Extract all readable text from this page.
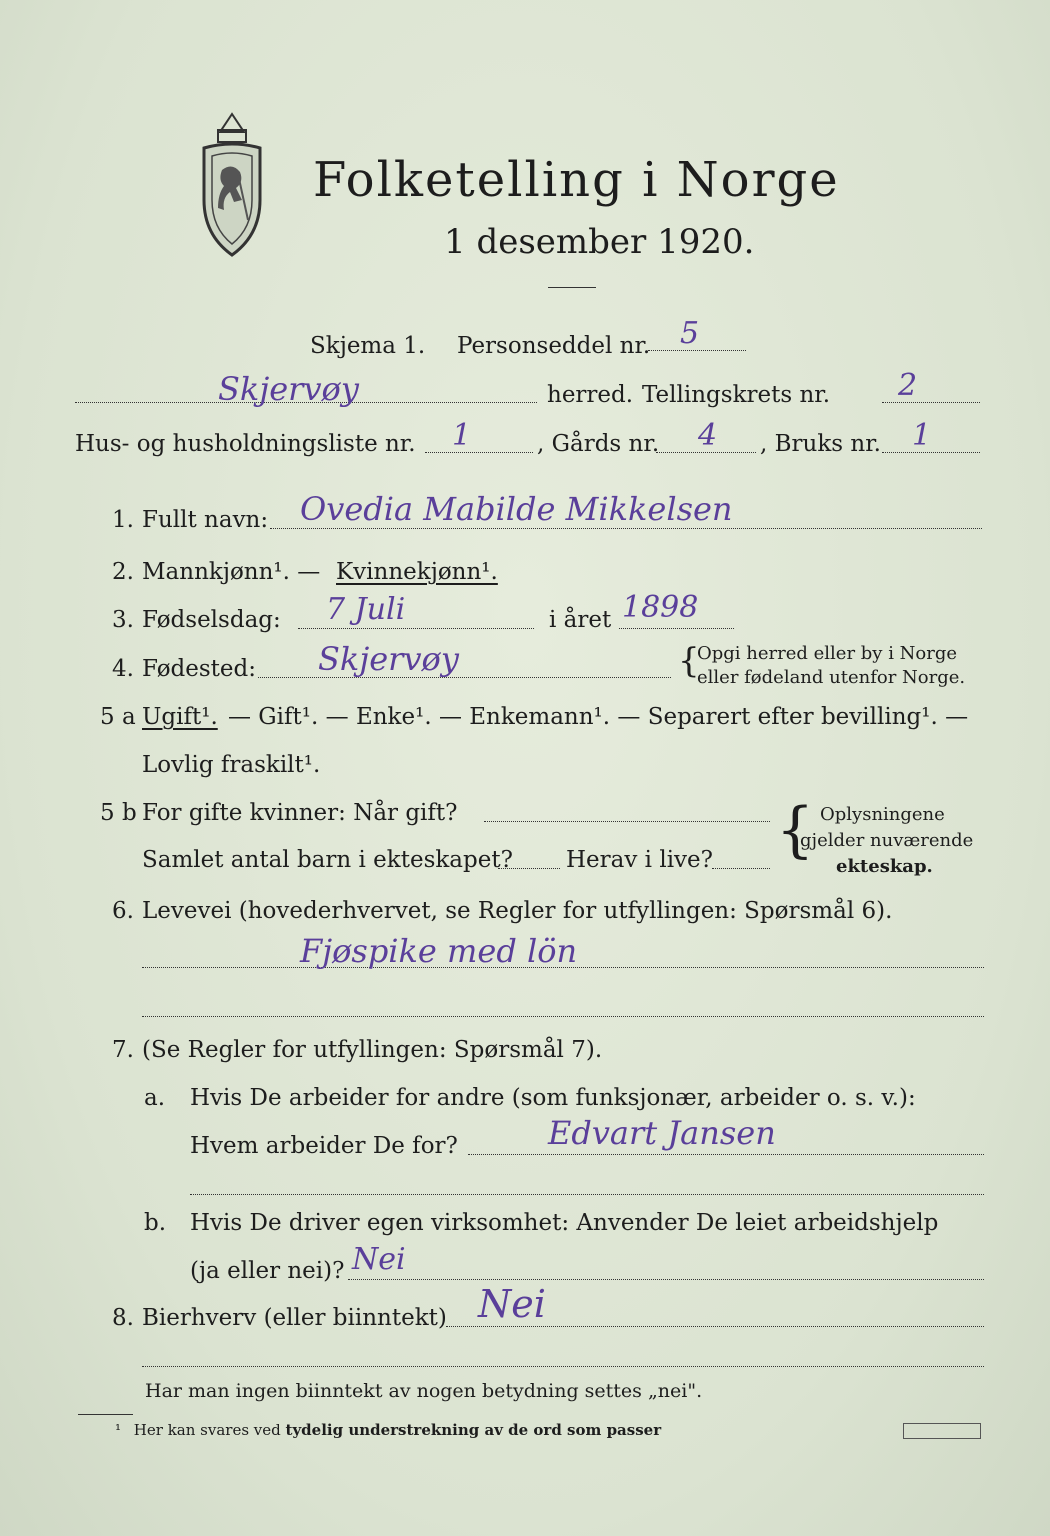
Folketelling i Norge
1 desember 1920.
Skjema 1. Personseddel nr. 5
Skjervøy	herred. Tellingskrets nr. 2
Hus- og husholdningsliste nr. 1	, Gårds nr. 4 , Bruks nr. 1
1. Fullt navn: Ovedia Mabilde Mikkelsen
2. Mannkjønn¹. — Kvinnekjønn¹.
3. Fødselsdag: 7 Juli	i året 1898
4. Fødested: Skjervøy	{
Opgi herred eller by i Norge
eller fødeland utenfor Norge.
5 a Ugift¹. — Gift¹. — Enke¹. — Enkemann¹. — Separert efter bevilling¹. —
Lovlig fraskilt¹.
5 b For gifte kvinner: Når gift?
Samlet antal barn i ekteskapet? Herav i live? { Oplysningene
gjelder nuværende
ekteskap.
6. Levevei (hovederhvervet, se Regler for utfyllingen: Spørsmål 6).
Fjøspike med lön
7. (Se Regler for utfyllingen: Spørsmål 7).
a. Hvis De arbeider for andre (som funksjonær, arbeider o. s. v.):
Hvem arbeider De for?	Edvart Jansen
b. Hvis De driver egen virksomhet: Anvender De leiet arbeidshjelp
(ja eller nei)? Nei
8. Bierhverv (eller biinntekt) Nei
Har man ingen biinntekt av nogen betydning settes „nei".
¹ Her kan svares ved tydelig understrekning av de ord som passer
